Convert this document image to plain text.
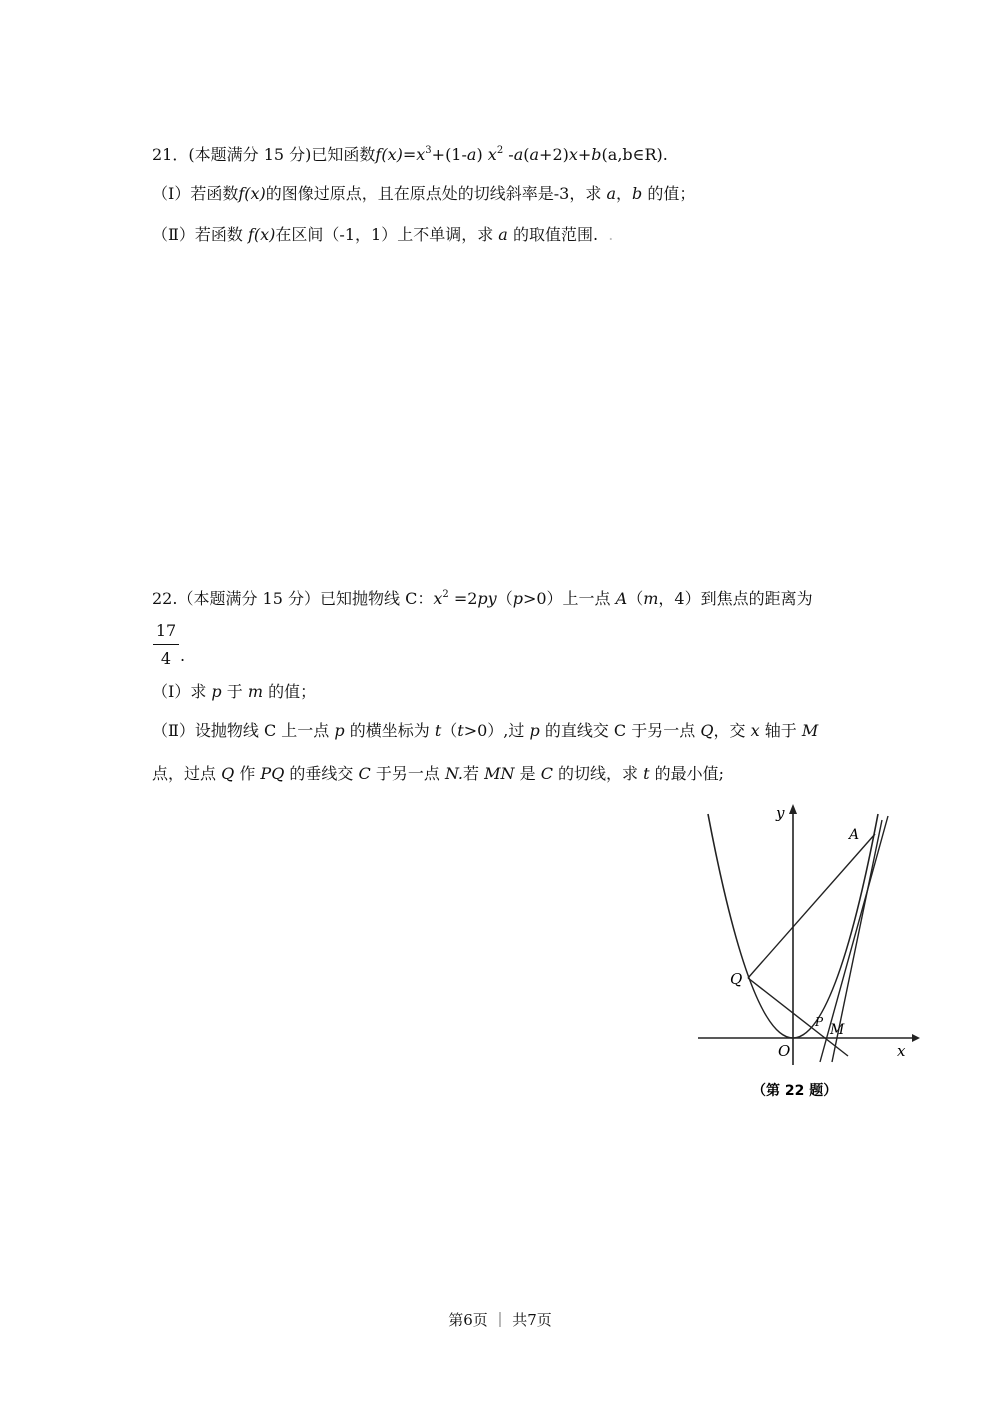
21．(本题满分 15 分)已知函数$f(x)=x^3+(1-a)$ $x^2$ -a(a+2)x+b(a,b∈R).
（Ⅰ）若函数f(x)的图像过原点，且在原点处的切线斜率是-3，求 a，b 的值；
（Ⅱ）若函数 f(x)在区间（-1，1）上不单调，求 a 的取值范围. .
22.（本题满分 15 分）已知抛物线 C：$x^2 =2py(p>0)$上一点 A（m，4）到焦点的距离为
17
4 .
（Ⅰ）求 p 于 m 的值；
（Ⅱ）设抛物线 C 上一点 p 的横坐标为 t（t>0）,过 p 的直线交 C 于另一点 Q，交 x 轴于 M
点，过点 Q 作 PQ 的垂线交 C 于另一点 N.若 MN 是 C 的切线，求 t 的最小值;
y
x
O
A
Q
P M
（第 22 题）
第6页 ｜ 共7页
